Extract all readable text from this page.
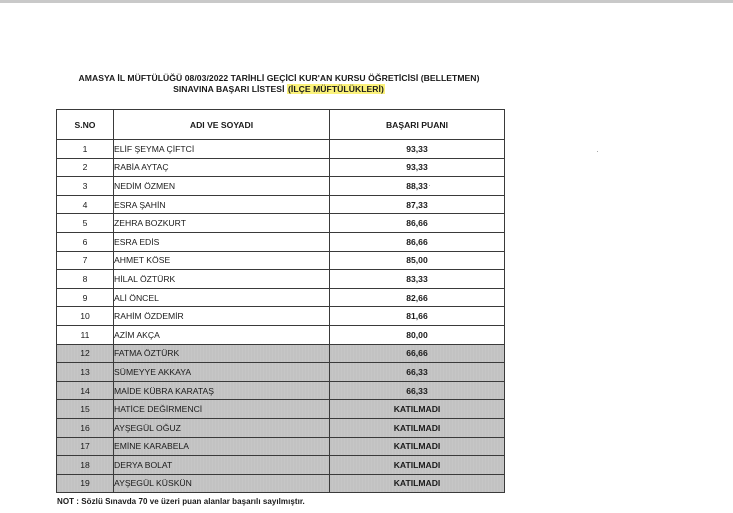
AMASYA İL MÜFTÜLÜĞÜ 08/03/2022 TARİHLİ GEÇİCİ KUR'AN KURSU ÖĞRETİCİSİ (BELLETMEN)
SINAVINA BAŞARI LİSTESİ (İLÇE MÜFTÜLÜKLERİ)
S.NO	ADI VE SOYADI	BAŞARI PUANI
1	ELİF ŞEYMA ÇİFTCİ	93,33
2	RABİA AYTAÇ	93,33
3	NEDİM ÖZMEN	88,33
4	ESRA ŞAHİN	87,33
5	ZEHRA BOZKURT	86,66
6	ESRA EDİS	86,66
7	AHMET KÖSE	85,00
8	HİLAL ÖZTÜRK	83,33
9	ALİ ÖNCEL	82,66
10	RAHİM ÖZDEMİR	81,66
11	AZİM AKÇA	80,00
12	FATMA ÖZTÜRK	66,66
13	SÜMEYYE AKKAYA	66,33
14	MAİDE KÜBRA KARATAŞ	66,33
15	HATİCE DEĞİRMENCİ	KATILMADI
16	AYŞEGÜL OĞUZ	KATILMADI
17	EMİNE KARABELA	KATILMADI
18	DERYA BOLAT	KATILMADI
19	AYŞEGÜL KÜSKÜN	KATILMADI
·
·
NOT : Sözlü Sınavda 70 ve üzeri puan alanlar başarılı sayılmıştır.
